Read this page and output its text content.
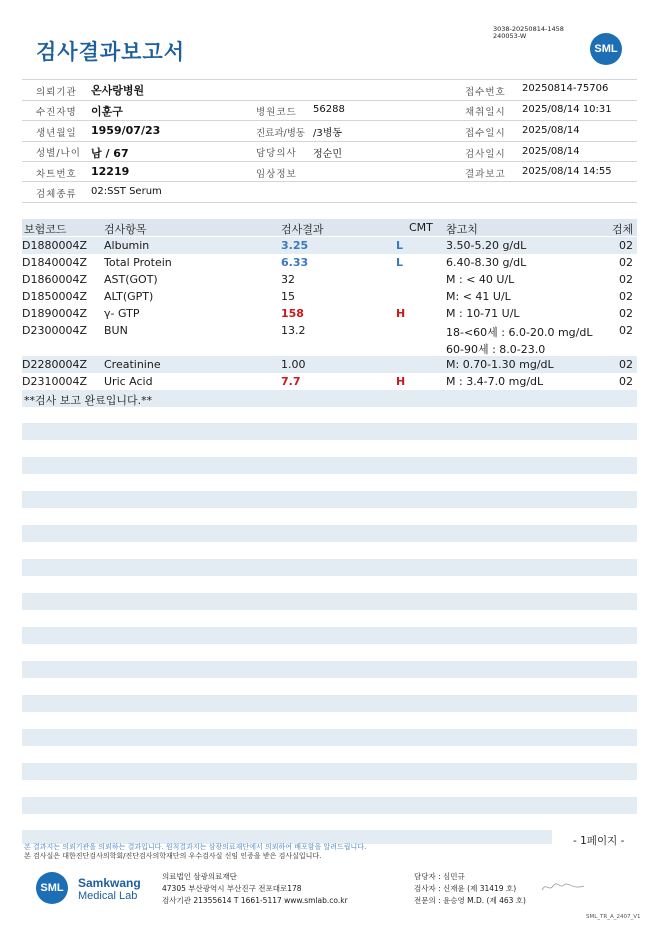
검사결과보고서
3038-20250814-1458
240053-W
SML
의뢰기관 온사랑병원
수진자명 이훈구
생년월일 1959/07/23
성별/나이 남 / 67
차트번호 12219
검체종류 02:SST Serum
병원코드 56288
진료과/병동 /3병동
담당의사 정순민
임상정보
접수번호 20250814-75706
채취일시 2025/08/14 10:31
접수일시 2025/08/14
검사일시 2025/08/14
결과보고 2025/08/14 14:55
보험코드	검사항목	검사결과	CMT 참고치	검체
D1880004Z Albumin	3.25	L	3.50-5.20 g/dL	02
D1840004Z Total Protein	6.33	L	6.40-8.30 g/dL	02
D1860004Z AST(GOT)	32	M : < 40 U/L	02
D1850004Z ALT(GPT)	15	M: < 41 U/L	02
D1890004Z γ- GTP	158	H	M : 10-71 U/L	02
D2300004Z BUN	13.2	18-<60세 : 6.0-20.0 mg/dL 02
60-90세 : 8.0-23.0
D2280004Z Creatinine	1.00	M: 0.70-1.30 mg/dL	02
D2310004Z Uric Acid	7.7	H	M : 3.4-7.0 mg/dL	02
**검사 보고 완료입니다.**
- 1페이지 -
본 결과지는 의뢰기관을 의뢰하는 결과입니다. 원칙결과지는 삼광의료재단에서 의뢰하여 배포함을 알려드립니다.
본 검사실은 대한진단검사의학회/진단검사의학재단의 우수검사실 신임 인증을 받은 검사실입니다.
SML	Samkwang
Medical Lab
의료법인 삼광의료재단
47305 부산광역시 부산진구 전포대로178
검사기관 21355614 T 1661-5117 www.smlab.co.kr
담당자 : 심민규
검사자 : 신재윤 (제 31419 호)
전문의 : 윤승영 M.D. (제 463 호)
SML_TR_A_2407_V1
